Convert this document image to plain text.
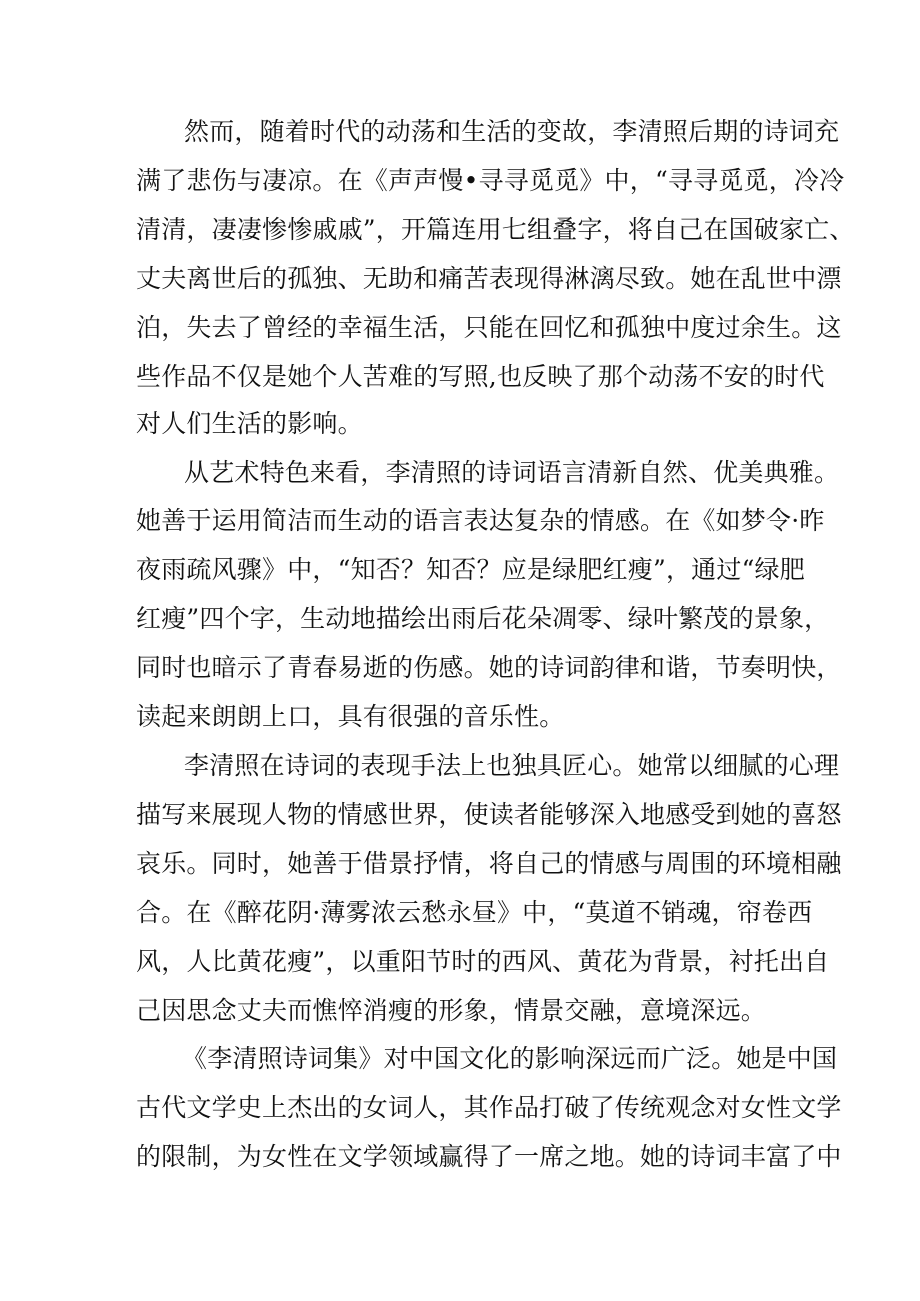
然而，随着时代的动荡和生活的变故，李清照后期的诗词充
满了悲伤与凄凉。在《声声慢•寻寻觅觅》中，“寻寻觅觅，冷冷
清清，凄凄惨惨戚戚”，开篇连用七组叠字，将自己在国破家亡、
丈夫离世后的孤独、无助和痛苦表现得淋漓尽致。她在乱世中漂
泊，失去了曾经的幸福生活，只能在回忆和孤独中度过余生。这
些作品不仅是她个人苦难的写照,也反映了那个动荡不安的时代
对人们生活的影响。
从艺术特色来看，李清照的诗词语言清新自然、优美典雅。
她善于运用简洁而生动的语言表达复杂的情感。在《如梦令·昨
夜雨疏风骤》中，“知否？知否？应是绿肥红瘦”，通过“绿肥
红瘦”四个字，生动地描绘出雨后花朵凋零、绿叶繁茂的景象，
同时也暗示了青春易逝的伤感。她的诗词韵律和谐，节奏明快，
读起来朗朗上口，具有很强的音乐性。
李清照在诗词的表现手法上也独具匠心。她常以细腻的心理
描写来展现人物的情感世界，使读者能够深入地感受到她的喜怒
哀乐。同时，她善于借景抒情，将自己的情感与周围的环境相融
合。在《醉花阴·薄雾浓云愁永昼》中，“莫道不销魂，帘卷西
风，人比黄花瘦”，以重阳节时的西风、黄花为背景，衬托出自
己因思念丈夫而憔悴消瘦的形象，情景交融，意境深远。
《李清照诗词集》对中国文化的影响深远而广泛。她是中国
古代文学史上杰出的女词人，其作品打破了传统观念对女性文学
的限制，为女性在文学领域赢得了一席之地。她的诗词丰富了中
